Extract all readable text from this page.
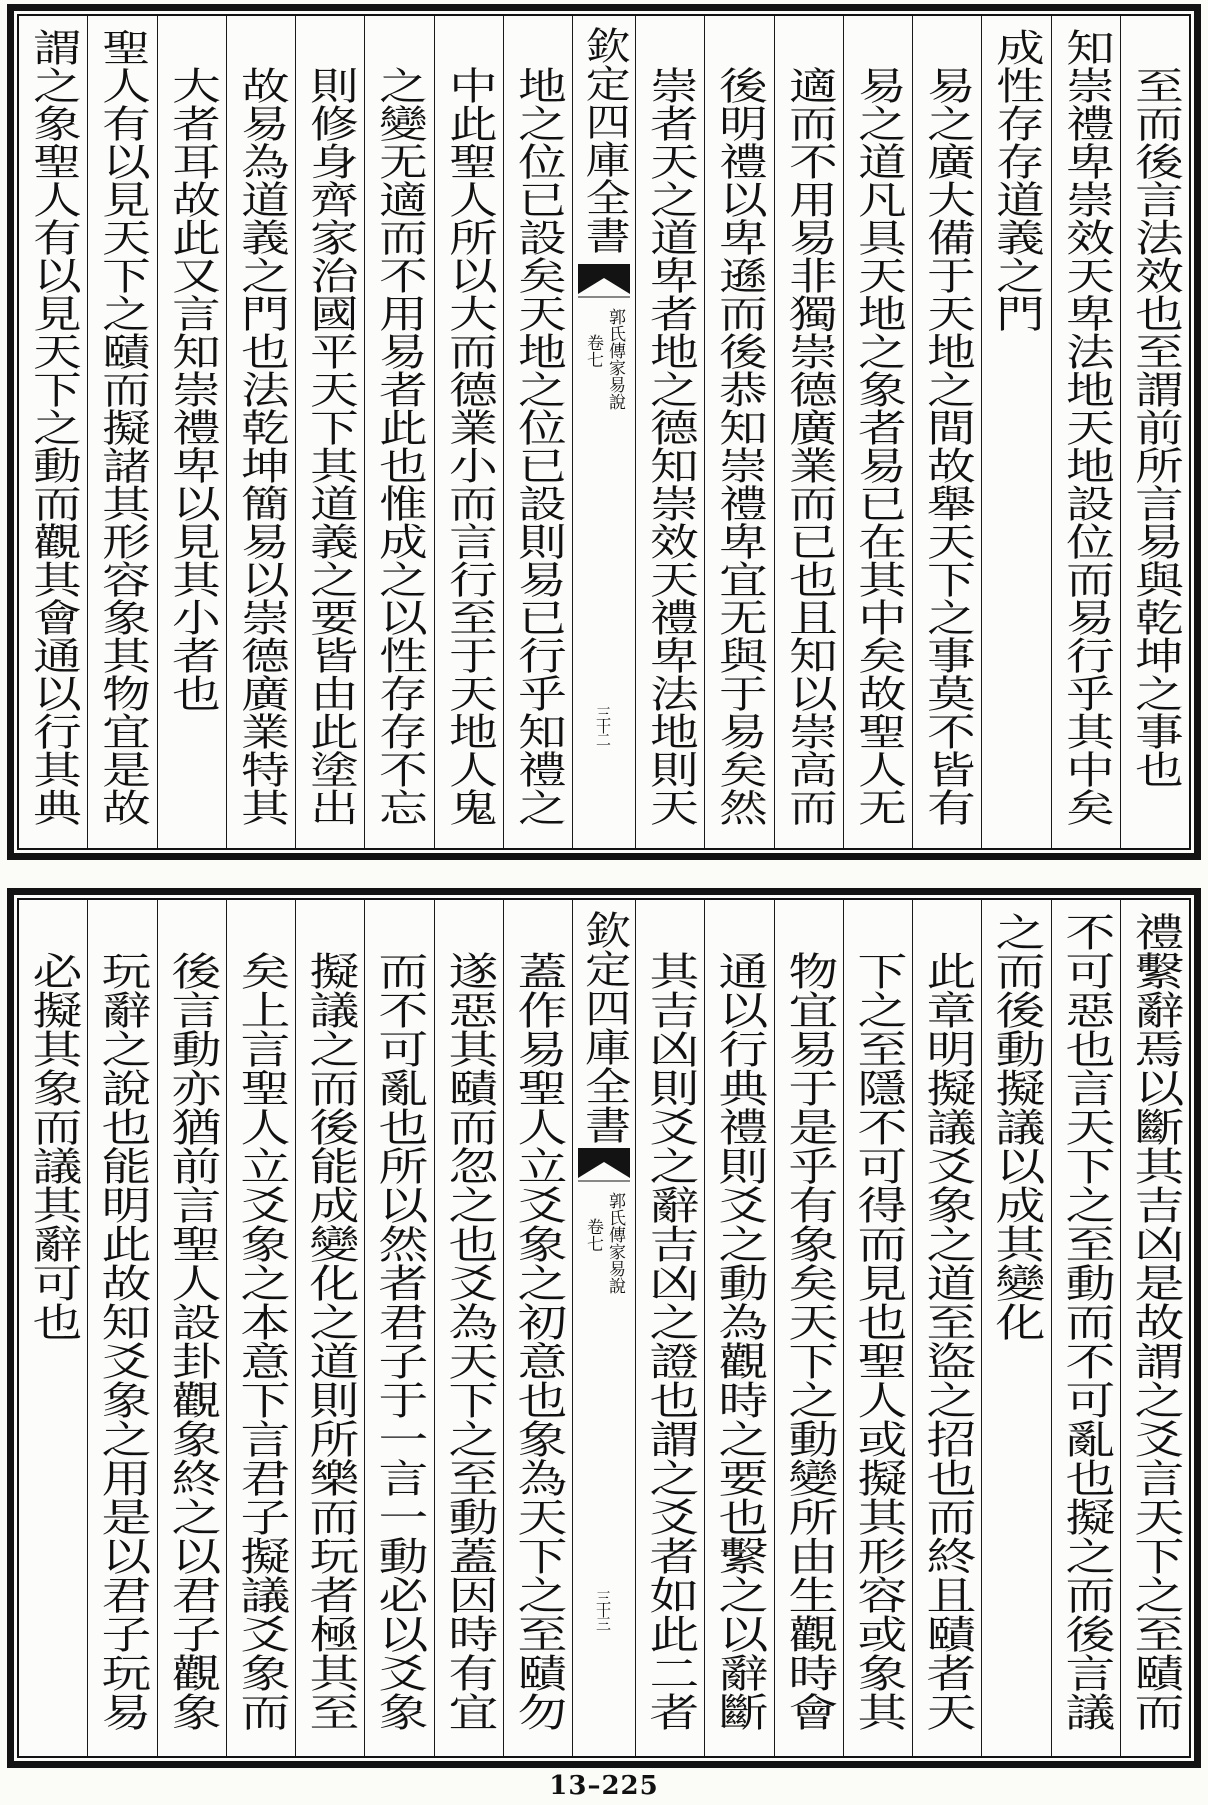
至而後言法效也至謂前所言易與乾坤之事也
知崇禮卑崇效天卑法地天地設位而易行乎其中矣
成性存存道義之門
易之廣大備于天地之間故舉天下之事莫不皆有
易之道凡具天地之象者易已在其中矣故聖人无
適而不用易非獨崇德廣業而已也且知以崇高而
後明禮以卑遜而後恭知崇禮卑宜无與于易矣然
崇者天之道卑者地之德知崇效天禮卑法地則天
欽定四庫全書
郭氏傳家易說
卷七
三十二
地之位已設矣天地之位已設則易已行乎知禮之
中此聖人所以大而德業小而言行至于天地人鬼
之變无適而不用易者此也惟成之以性存存不忘
則修身齊家治國平天下其道義之要皆由此塗出
故易為道義之門也法乾坤簡易以崇德廣業特其
大者耳故此又言知崇禮卑以見其小者也
聖人有以見天下之賾而擬諸其形容象其物宜是故
謂之象聖人有以見天下之動而觀其會通以行其典
禮繫辭焉以斷其吉凶是故謂之爻言天下之至賾而
不可惡也言天下之至動而不可亂也擬之而後言議
之而後動擬議以成其變化
此章明擬議爻象之道至盜之招也而終且賾者天
下之至隱不可得而見也聖人或擬其形容或象其
物宜易于是乎有象矣天下之動變所由生觀時會
通以行典禮則爻之動為觀時之要也繫之以辭斷
其吉凶則爻之辭吉凶之證也謂之爻者如此二者
欽定四庫全書
郭氏傳家易說
卷七
三十三
蓋作易聖人立爻象之初意也象為天下之至賾勿
遂惡其賾而忽之也爻為天下之至動蓋因時有宜
而不可亂也所以然者君子于一言一動必以爻象
擬議之而後能成變化之道則所樂而玩者極其至
矣上言聖人立爻象之本意下言君子擬議爻象而
後言動亦猶前言聖人設卦觀象終之以君子觀象
玩辭之說也能明此故知爻象之用是以君子玩易
必擬其象而議其辭可也
13–225
